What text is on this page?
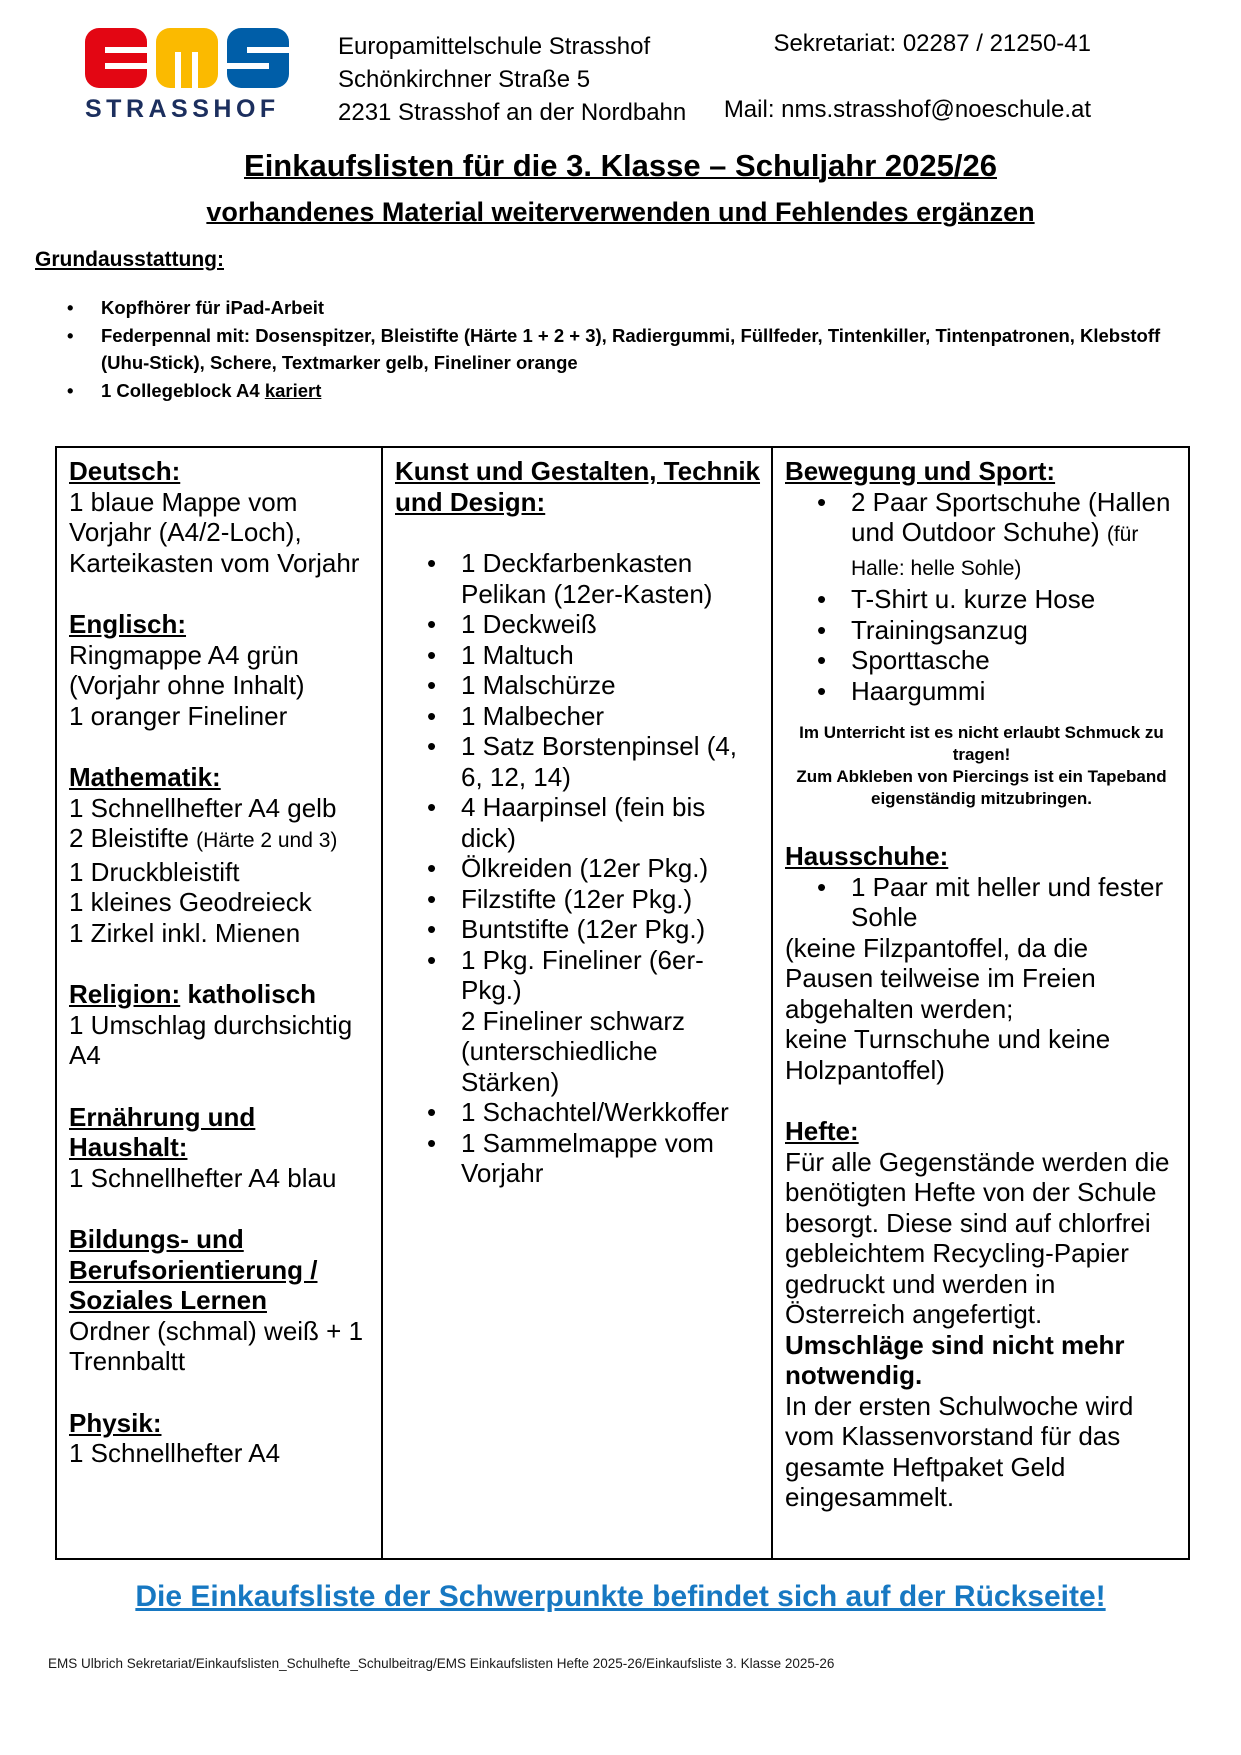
STRASSHOF
Europamittelschule Strasshof
Schönkirchner Straße 5
2231 Strasshof an der Nordbahn
Sekretariat: 02287 / 21250-41
Mail: nms.strasshof@noeschule.at
Einkaufslisten für die 3. Klasse – Schuljahr 2025/26
vorhandenes Material weiterverwenden und Fehlendes ergänzen
Grundausstattung:
• Kopfhörer für iPad-Arbeit
• Federpennal mit: Dosenspitzer, Bleistifte (Härte 1 + 2 + 3), Radiergummi, Füllfeder, Tintenkiller, Tintenpatronen, Klebstoff (Uhu-Stick), Schere, Textmarker gelb, Fineliner orange
• 1 Collegeblock A4 kariert
Deutsch:
1 blaue Mappe vom Vorjahr (A4/2-Loch), Karteikasten vom Vorjahr
Englisch:
Ringmappe A4 grün (Vorjahr ohne Inhalt)
1 oranger Fineliner
Mathematik:
1 Schnellhefter A4 gelb
2 Bleistifte (Härte 2 und 3)
1 Druckbleistift
1 kleines Geodreieck
1 Zirkel inkl. Mienen
Religion: katholisch
1 Umschlag durchsichtig A4
Ernährung und Haushalt:
1 Schnellhefter A4 blau
Bildungs- und Berufsorientierung / Soziales Lernen
Ordner (schmal) weiß + 1 Trennbaltt
Physik:
1 Schnellhefter A4
Kunst und Gestalten, Technik und Design:
• 1 Deckfarbenkasten Pelikan (12er-Kasten)
• 1 Deckweiß
• 1 Maltuch
• 1 Malschürze
• 1 Malbecher
• 1 Satz Borstenpinsel (4, 6, 12, 14)
• 4 Haarpinsel (fein bis dick)
• Ölkreiden (12er Pkg.)
• Filzstifte (12er Pkg.)
• Buntstifte (12er Pkg.)
• 1 Pkg. Fineliner (6er-Pkg.)
2 Fineliner schwarz (unterschiedliche Stärken)
• 1 Schachtel/Werkkoffer
• 1 Sammelmappe vom Vorjahr
Bewegung und Sport:
• 2 Paar Sportschuhe (Hallen und Outdoor Schuhe) (für Halle: helle Sohle)
• T-Shirt u. kurze Hose
• Trainingsanzug
• Sporttasche
• Haargummi
Im Unterricht ist es nicht erlaubt Schmuck zu tragen!
Zum Abkleben von Piercings ist ein Tapeband eigenständig mitzubringen.
Hausschuhe:
• 1 Paar mit heller und fester Sohle
(keine Filzpantoffel, da die Pausen teilweise im Freien abgehalten werden;
keine Turnschuhe und keine Holzpantoffel)
Hefte:
Für alle Gegenstände werden die benötigten Hefte von der Schule besorgt. Diese sind auf chlorfrei gebleichtem Recycling-Papier gedruckt und werden in Österreich angefertigt.
Umschläge sind nicht mehr notwendig.
In der ersten Schulwoche wird vom Klassenvorstand für das gesamte Heftpaket Geld eingesammelt.
Die Einkaufsliste der Schwerpunkte befindet sich auf der Rückseite!
EMS Ulbrich Sekretariat/Einkaufslisten_Schulhefte_Schulbeitrag/EMS Einkaufslisten Hefte 2025-26/Einkaufsliste 3. Klasse 2025-26
